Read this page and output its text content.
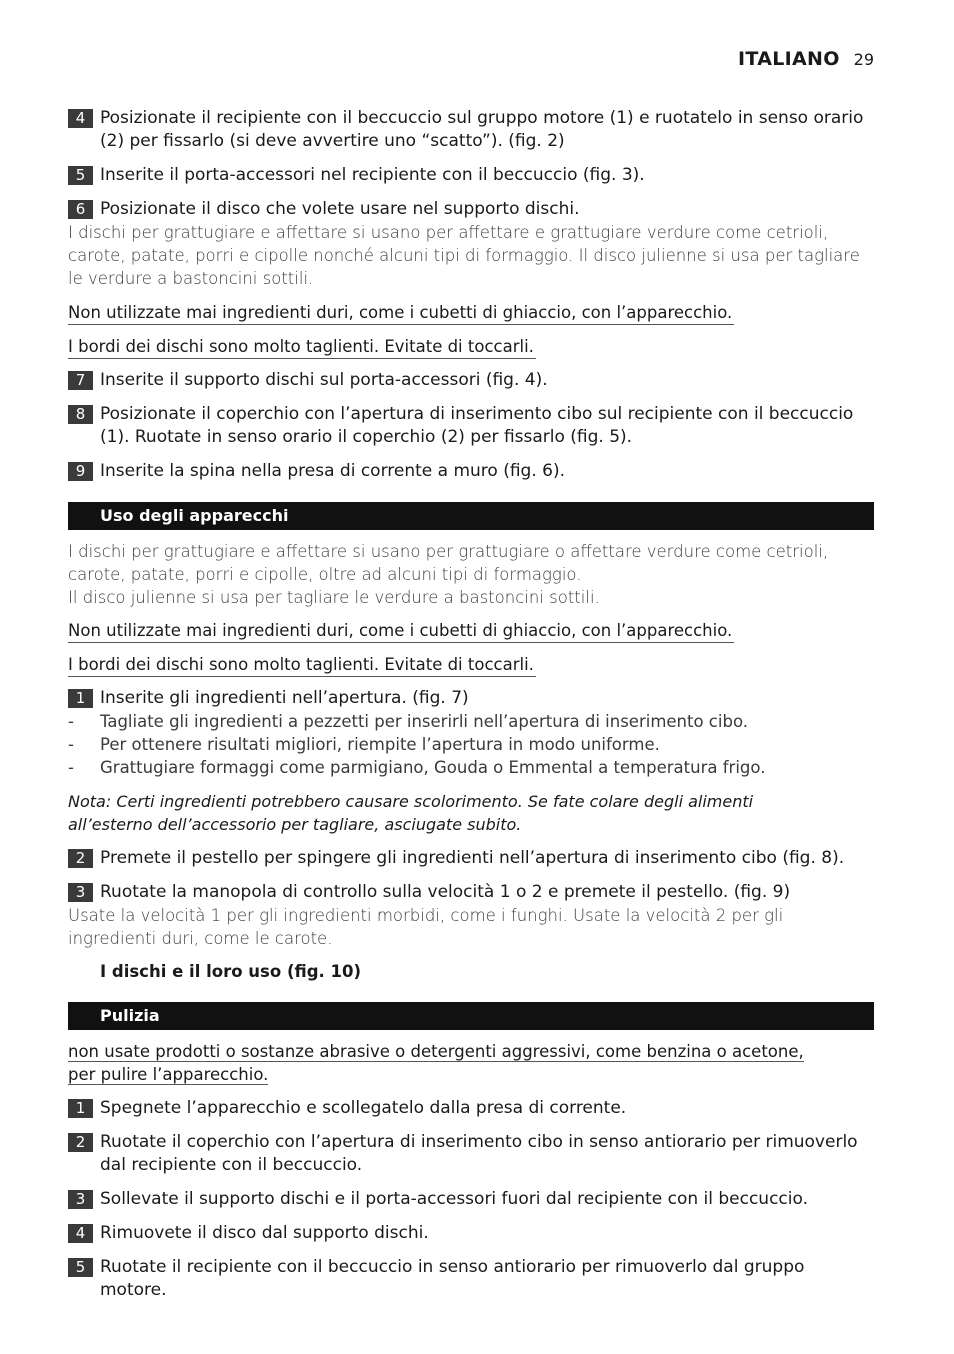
ITALIANO 29
4 Posizionate il recipiente con il beccuccio sul gruppo motore (1) e ruotatelo in senso orario (2) per fissarlo (si deve avvertire uno “scatto”). (fig. 2)
5 Inserite il porta-accessori nel recipiente con il beccuccio (fig. 3).
6 Posizionate il disco che volete usare nel supporto dischi.
I dischi per grattugiare e affettare si usano per affettare e grattugiare verdure come cetrioli, carote, patate, porri e cipolle nonché alcuni tipi di formaggio. Il disco julienne si usa per tagliare le verdure a bastoncini sottili.
Non utilizzate mai ingredienti duri, come i cubetti di ghiaccio, con l’apparecchio.
I bordi dei dischi sono molto taglienti. Evitate di toccarli.
7 Inserite il supporto dischi sul porta-accessori (fig. 4).
8 Posizionate il coperchio con l’apertura di inserimento cibo sul recipiente con il beccuccio (1). Ruotate in senso orario il coperchio (2) per fissarlo (fig. 5).
9 Inserite la spina nella presa di corrente a muro (fig. 6).
Uso degli apparecchi
I dischi per grattugiare e affettare si usano per grattugiare o affettare verdure come cetrioli, carote, patate, porri e cipolle, oltre ad alcuni tipi di formaggio.
Il disco julienne si usa per tagliare le verdure a bastoncini sottili.
Non utilizzate mai ingredienti duri, come i cubetti di ghiaccio, con l’apparecchio.
I bordi dei dischi sono molto taglienti. Evitate di toccarli.
1 Inserite gli ingredienti nell’apertura. (fig. 7)
- Tagliate gli ingredienti a pezzetti per inserirli nell’apertura di inserimento cibo.
- Per ottenere risultati migliori, riempite l’apertura in modo uniforme.
- Grattugiare formaggi come parmigiano, Gouda o Emmental a temperatura frigo.
Nota: Certi ingredienti potrebbero causare scolorimento. Se fate colare degli alimenti all’esterno dell’accessorio per tagliare, asciugate subito.
2 Premete il pestello per spingere gli ingredienti nell’apertura di inserimento cibo (fig. 8).
3 Ruotate la manopola di controllo sulla velocità 1 o 2 e premete il pestello. (fig. 9)
Usate la velocità 1 per gli ingredienti morbidi, come i funghi. Usate la velocità 2 per gli ingredienti duri, come le carote.
I dischi e il loro uso (fig. 10)
Pulizia
non usate prodotti o sostanze abrasive o detergenti aggressivi, come benzina o acetone, per pulire l’apparecchio.
1 Spegnete l’apparecchio e scollegatelo dalla presa di corrente.
2 Ruotate il coperchio con l’apertura di inserimento cibo in senso antiorario per rimuoverlo dal recipiente con il beccuccio.
3 Sollevate il supporto dischi e il porta-accessori fuori dal recipiente con il beccuccio.
4 Rimuovete il disco dal supporto dischi.
5 Ruotate il recipiente con il beccuccio in senso antiorario per rimuoverlo dal gruppo motore.
